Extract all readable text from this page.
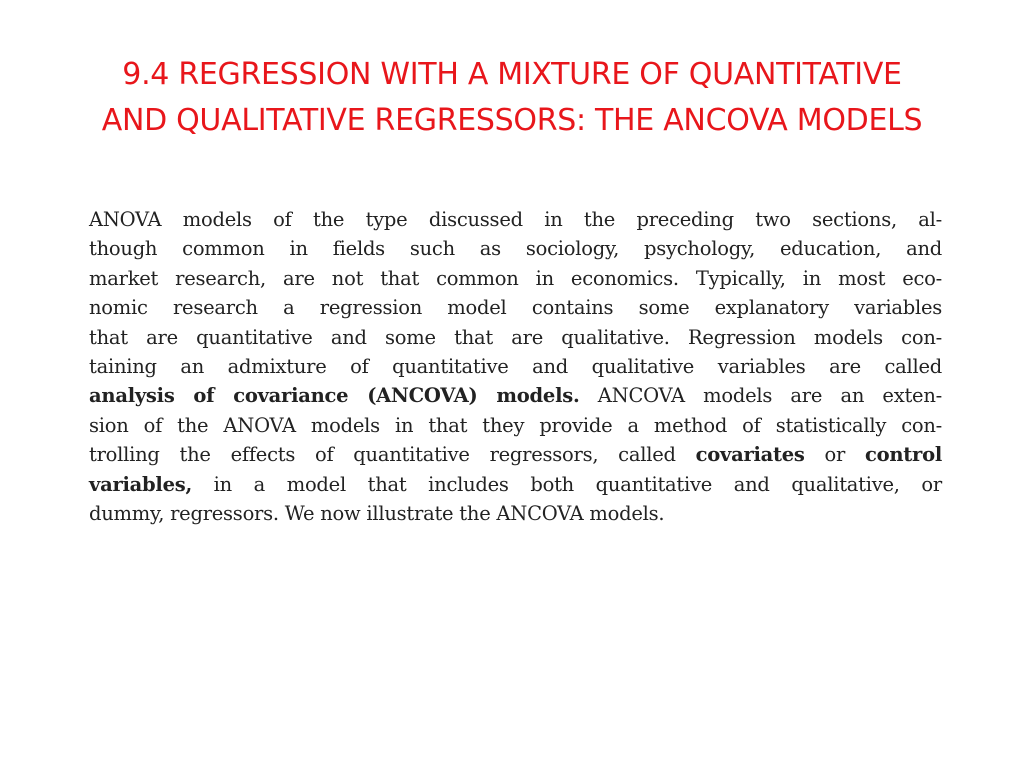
9.4 REGRESSION WITH A MIXTURE OF QUANTITATIVE
AND QUALITATIVE REGRESSORS: THE ANCOVA MODELS
ANOVA models of the type discussed in the preceding two sections, al-
though common in fields such as sociology, psychology, education, and
market research, are not that common in economics. Typically, in most eco-
nomic research a regression model contains some explanatory variables
that are quantitative and some that are qualitative. Regression models con-
taining an admixture of quantitative and qualitative variables are called
analysis of covariance (ANCOVA) models. ANCOVA models are an exten-
sion of the ANOVA models in that they provide a method of statistically con-
trolling the effects of quantitative regressors, called covariates or control
variables, in a model that includes both quantitative and qualitative, or
dummy, regressors. We now illustrate the ANCOVA models.
